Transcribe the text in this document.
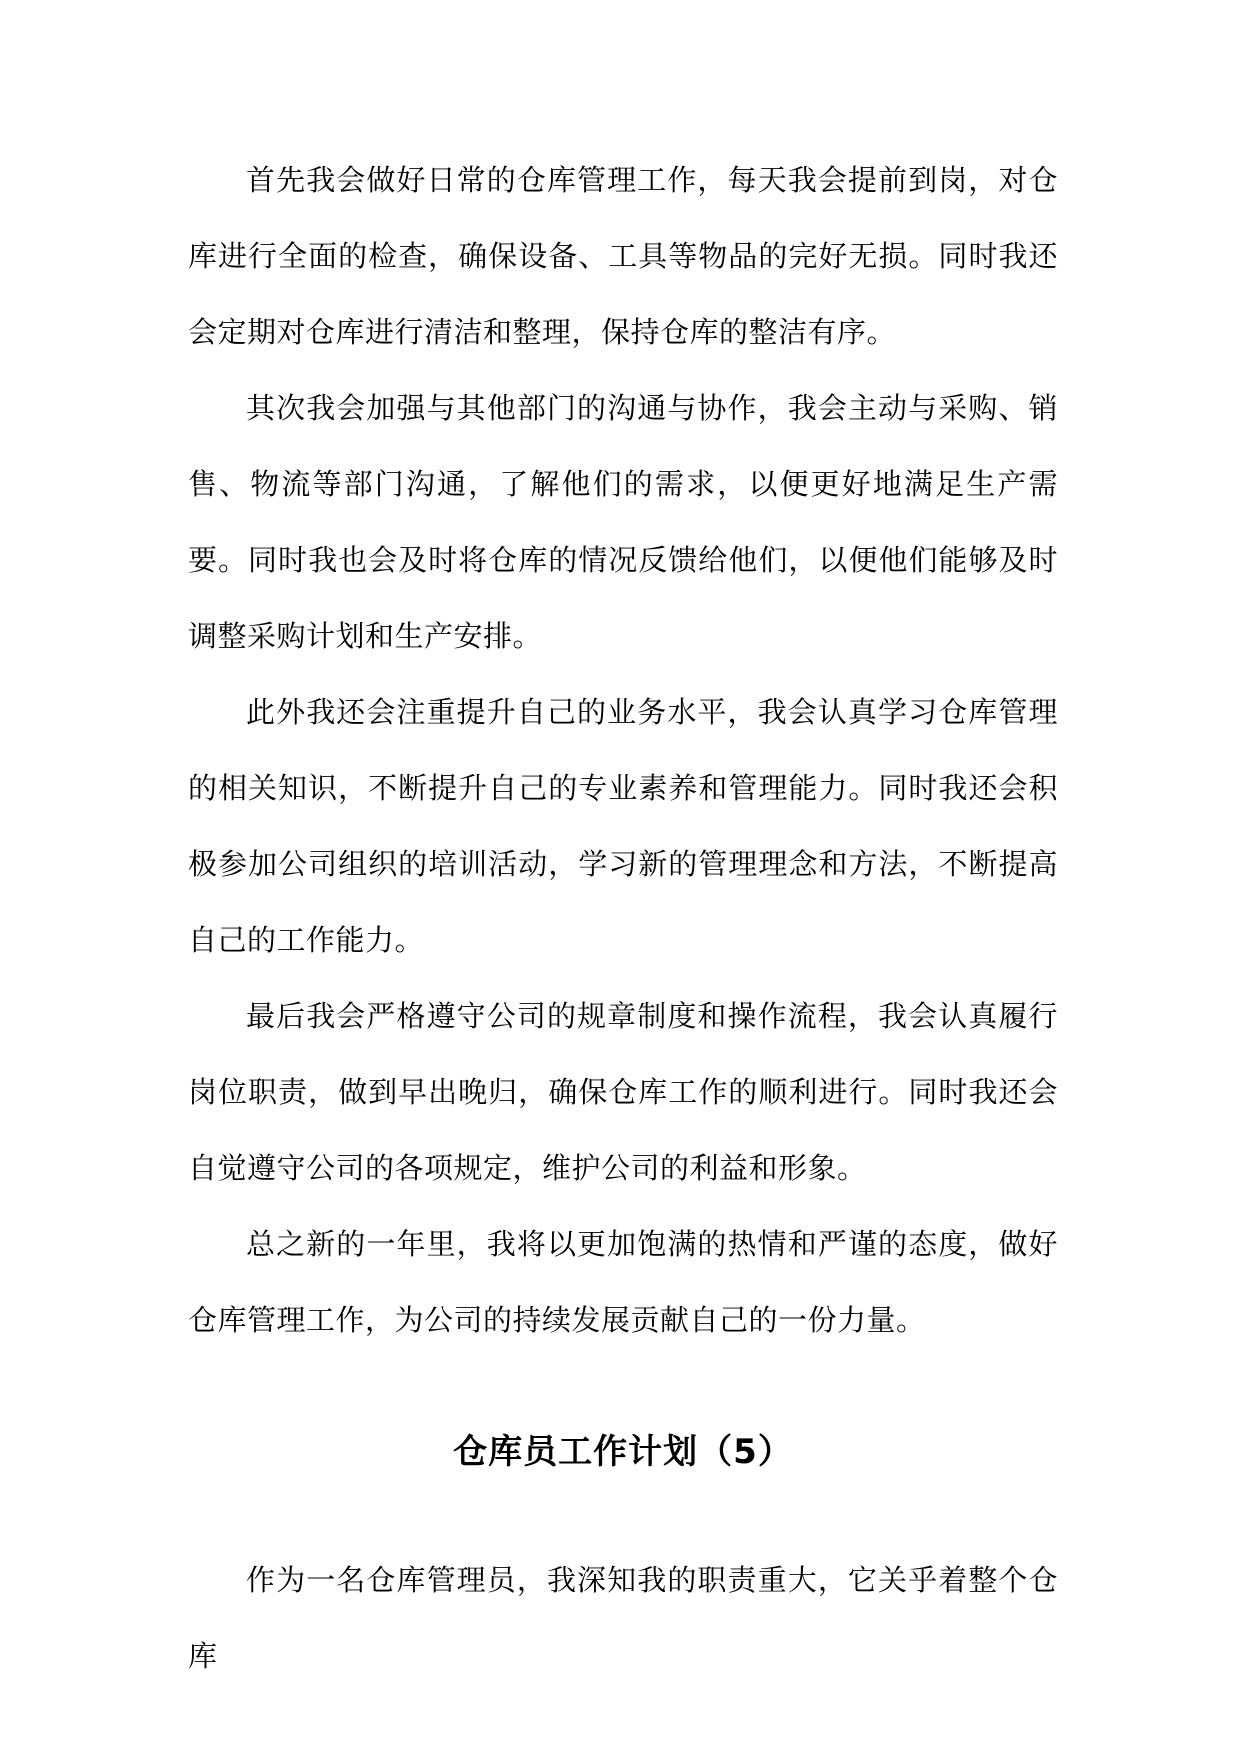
首先我会做好日常的仓库管理工作，每天我会提前到岗，对仓库进行全面的检查，确保设备、工具等物品的完好无损。同时我还会定期对仓库进行清洁和整理，保持仓库的整洁有序。

其次我会加强与其他部门的沟通与协作，我会主动与采购、销售、物流等部门沟通，了解他们的需求，以便更好地满足生产需要。同时我也会及时将仓库的情况反馈给他们，以便他们能够及时调整采购计划和生产安排。

此外我还会注重提升自己的业务水平，我会认真学习仓库管理的相关知识，不断提升自己的专业素养和管理能力。同时我还会积极参加公司组织的培训活动，学习新的管理理念和方法，不断提高自己的工作能力。

最后我会严格遵守公司的规章制度和操作流程，我会认真履行岗位职责，做到早出晚归，确保仓库工作的顺利进行。同时我还会自觉遵守公司的各项规定，维护公司的利益和形象。

总之新的一年里，我将以更加饱满的热情和严谨的态度，做好仓库管理工作，为公司的持续发展贡献自己的一份力量。

仓库员工作计划（5）

作为一名仓库管理员，我深知我的职责重大，它关乎着整个仓库
